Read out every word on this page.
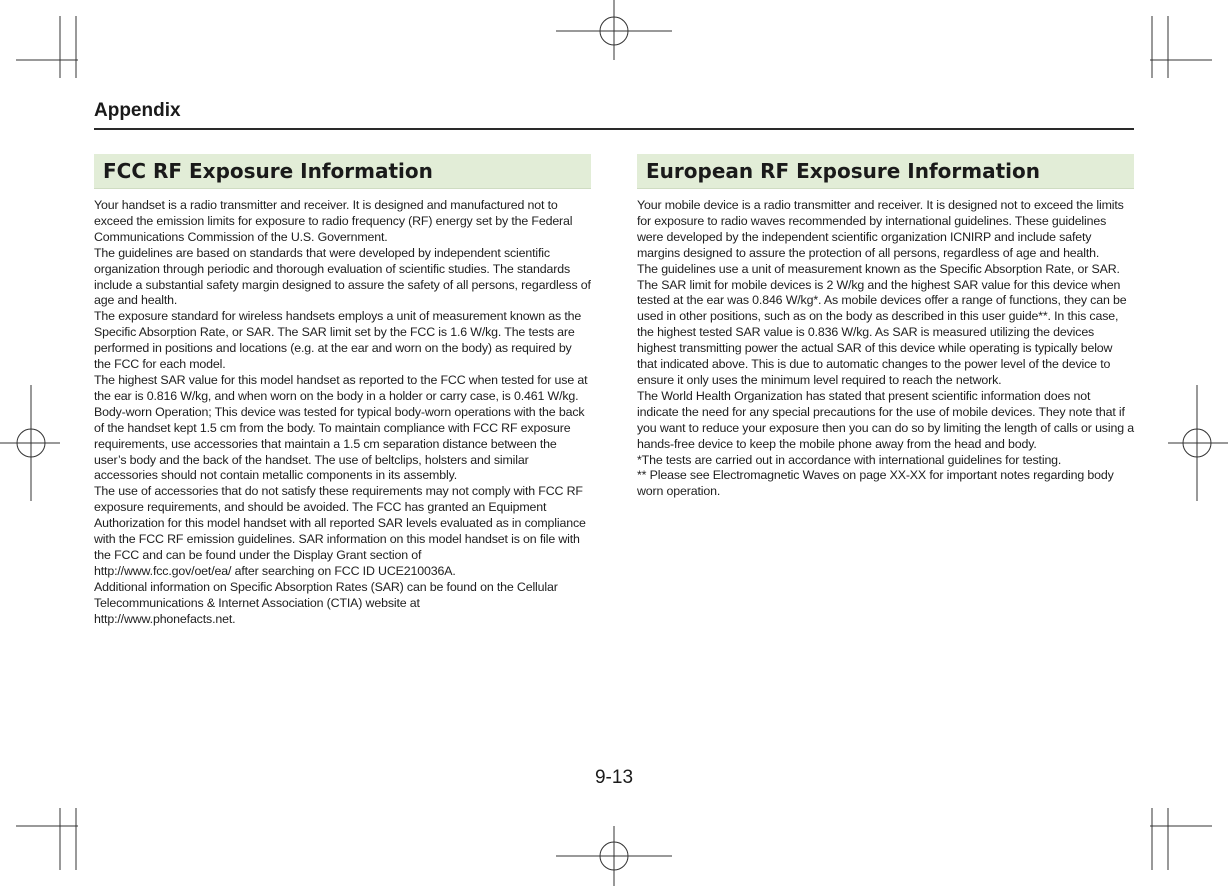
Appendix
FCC RF Exposure Information

Your handset is a radio transmitter and receiver. It is designed and manufactured not to exceed the emission limits for exposure to radio frequency (RF) energy set by the Federal Communications Commission of the U.S. Government.

The guidelines are based on standards that were developed by independent scientific organization through periodic and thorough evaluation of scientific studies. The standards include a substantial safety margin designed to assure the safety of all persons, regardless of age and health.

The exposure standard for wireless handsets employs a unit of measurement known as the Specific Absorption Rate, or SAR. The SAR limit set by the FCC is 1.6 W/kg. The tests are performed in positions and locations (e.g. at the ear and worn on the body) as required by the FCC for each model.

The highest SAR value for this model handset as reported to the FCC when tested for use at the ear is 0.816 W/kg, and when worn on the body in a holder or carry case, is 0.461 W/kg.

Body-worn Operation; This device was tested for typical body-worn operations with the back of the handset kept 1.5 cm from the body. To maintain compliance with FCC RF exposure requirements, use accessories that maintain a 1.5 cm separation distance between the user’s body and the back of the handset. The use of beltclips, holsters and similar accessories should not contain metallic components in its assembly.

The use of accessories that do not satisfy these requirements may not comply with FCC RF exposure requirements, and should be avoided. The FCC has granted an Equipment Authorization for this model handset with all reported SAR levels evaluated as in compliance with the FCC RF emission guidelines. SAR information on this model handset is on file with the FCC and can be found under the Display Grant section of

http://www.fcc.gov/oet/ea/ after searching on FCC ID UCE210036A.

Additional information on Specific Absorption Rates (SAR) can be found on the Cellular Telecommunications & Internet Association (CTIA) website at

http://www.phonefacts.net.

European RF Exposure Information

Your mobile device is a radio transmitter and receiver. It is designed not to exceed the limits for exposure to radio waves recommended by international guidelines. These guidelines were developed by the independent scientific organization ICNIRP and include safety margins designed to assure the protection of all persons, regardless of age and health.

The guidelines use a unit of measurement known as the Specific Absorption Rate, or SAR. The SAR limit for mobile devices is 2 W/kg and the highest SAR value for this device when tested at the ear was 0.846 W/kg*. As mobile devices offer a range of functions, they can be used in other positions, such as on the body as described in this user guide**. In this case, the highest tested SAR value is 0.836 W/kg. As SAR is measured utilizing the devices highest transmitting power the actual SAR of this device while operating is typically below that indicated above. This is due to automatic changes to the power level of the device to ensure it only uses the minimum level required to reach the network.

The World Health Organization has stated that present scientific information does not indicate the need for any special precautions for the use of mobile devices. They note that if you want to reduce your exposure then you can do so by limiting the length of calls or using a hands-free device to keep the mobile phone away from the head and body.

*The tests are carried out in accordance with international guidelines for testing.

** Please see Electromagnetic Waves on page XX-XX for important notes regarding body worn operation.

9-13
